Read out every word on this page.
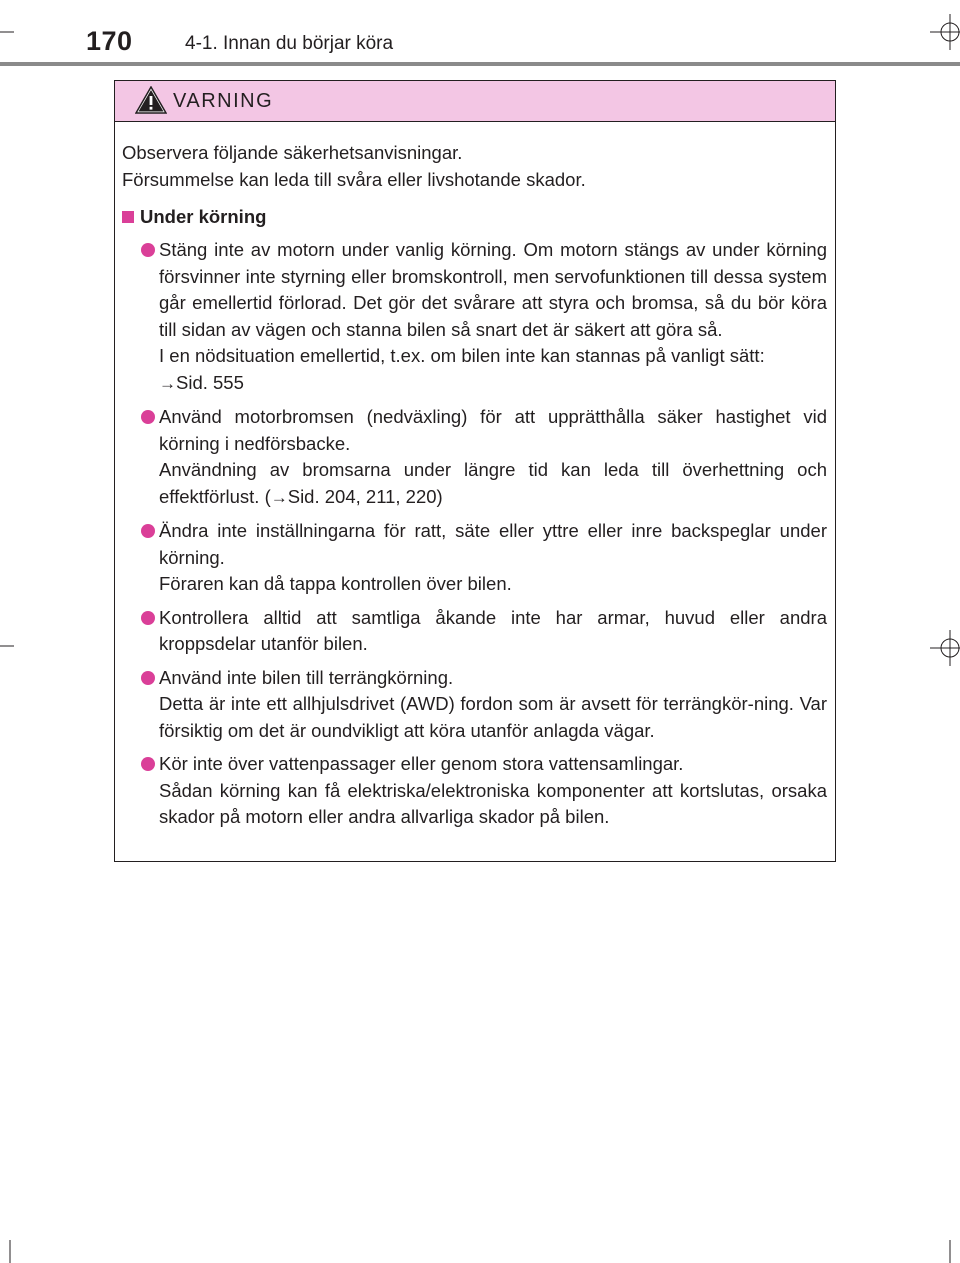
170	4-1. Innan du börjar köra
VARNING

Observera följande säkerhetsanvisningar.

Försummelse kan leda till svåra eller livshotande skador.

Under körning

Stäng inte av motorn under vanlig körning. Om motorn stängs av under körning försvinner inte styrning eller bromskontroll, men servofunktionen till dessa system går emellertid förlorad. Det gör det svårare att styra och bromsa, så du bör köra till sidan av vägen och stanna bilen så snart det är säkert att göra så.

I en nödsituation emellertid, t.ex. om bilen inte kan stannas på vanligt sätt:

→Sid. 555

Använd motorbromsen (nedväxling) för att upprätthålla säker hastighet vid körning i nedförsbacke.

Användning av bromsarna under längre tid kan leda till överhettning och effektförlust. (→Sid. 204, 211, 220)

Ändra inte inställningarna för ratt, säte eller yttre eller inre backspeglar under körning.

Föraren kan då tappa kontrollen över bilen.

Kontrollera alltid att samtliga åkande inte har armar, huvud eller andra kroppsdelar utanför bilen.

Använd inte bilen till terrängkörning.

Detta är inte ett allhjulsdrivet (AWD) fordon som är avsett för terrängkör-ning. Var försiktig om det är oundvikligt att köra utanför anlagda vägar.

Kör inte över vattenpassager eller genom stora vattensamlingar.

Sådan körning kan få elektriska/elektroniska komponenter att kortslutas, orsaka skador på motorn eller andra allvarliga skador på bilen.
